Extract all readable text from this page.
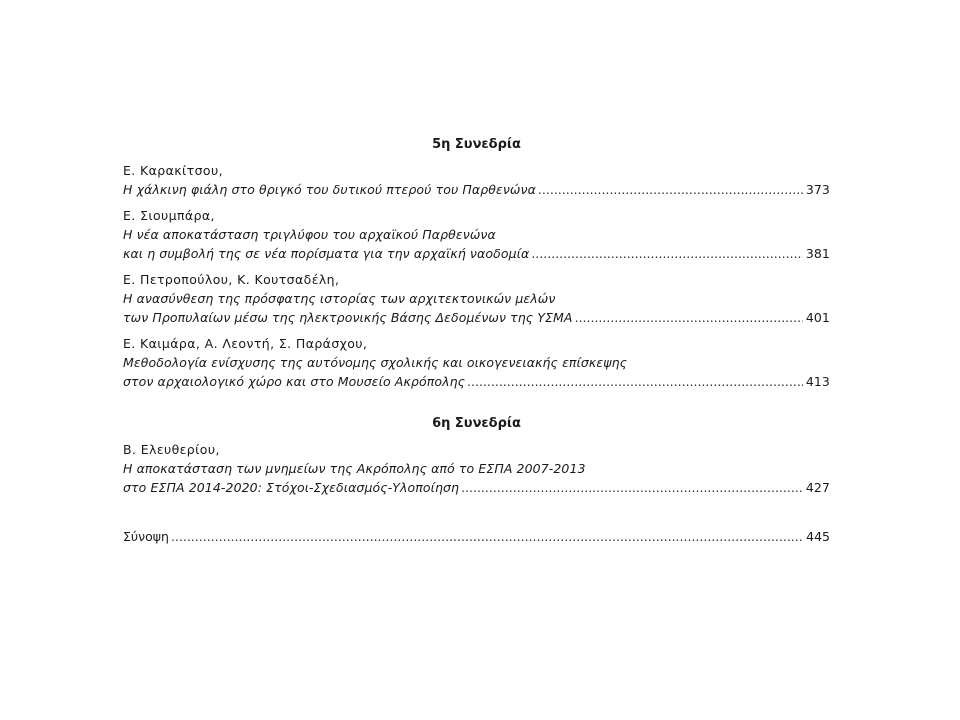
5η Συνεδρία
Ε. Καρακίτσου,
Η χάλκινη φιάλη στο θριγκό του δυτικού πτερού του Παρθενώνα .....	373
Ε. Σιουμπάρα,
Η νέα αποκατάσταση τριγλύφου του αρχαϊκού Παρθενώνα
και η συμβολή της σε νέα πορίσματα για την αρχαϊκή ναοδομία .....	381
Ε. Πετροπούλου, Κ. Κουτσαδέλη,
Η ανασύνθεση της πρόσφατης ιστορίας των αρχιτεκτονικών μελών
των Προπυλαίων μέσω της ηλεκτρονικής Βάσης Δεδομένων της ΥΣΜΑ .....	401
Ε. Καιμάρα, Α. Λεοντή, Σ. Παράσχου,
Μεθοδολογία ενίσχυσης της αυτόνομης σχολικής και οικογενειακής επίσκεψης
στον αρχαιολογικό χώρο και στο Μουσείο Ακρόπολης .....	413
6η Συνεδρία
Β. Ελευθερίου,
Η αποκατάσταση των μνημείων της Ακρόπολης από το ΕΣΠΑ 2007-2013
στο ΕΣΠΑ 2014-2020: Στόχοι-Σχεδιασμός-Υλοποίηση .....	427
Σύνοψη .....	445
